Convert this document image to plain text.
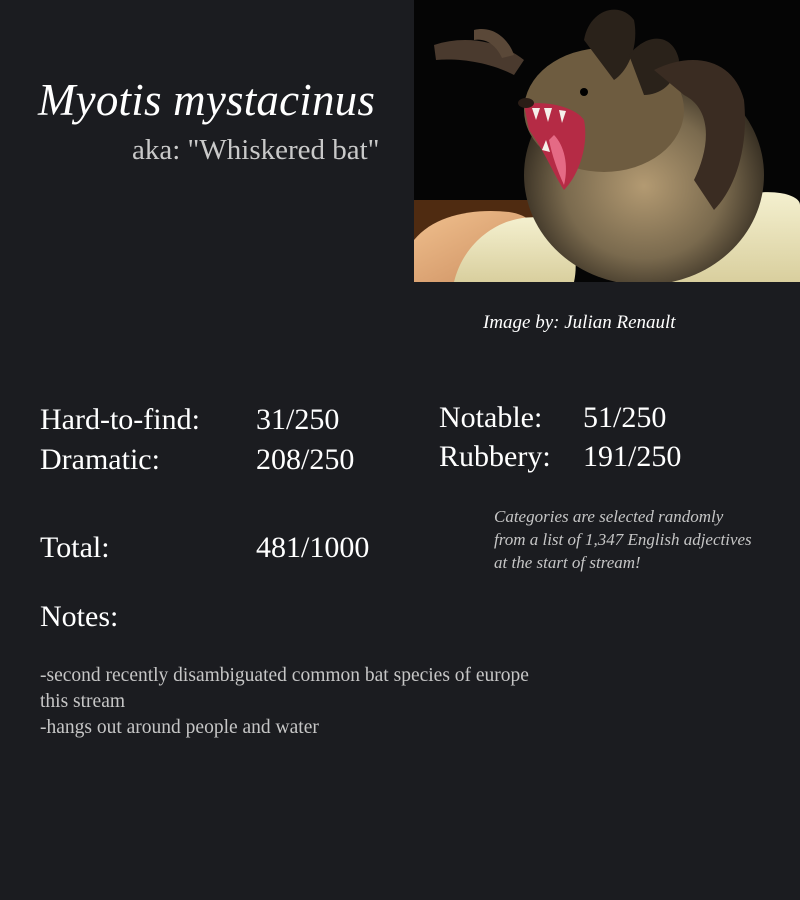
Myotis mystacinus
aka: "Whiskered bat"
Image by: Julian Renault
Hard-to-find: 31/250
Dramatic:	208/250
Notable: 51/250
Rubbery: 191/250
Total:	481/1000
Categories are selected randomly from a list of 1,347 English adjectives at the start of stream!
Notes:
-second recently disambiguated common bat species of europe this stream
-hangs out around people and water
